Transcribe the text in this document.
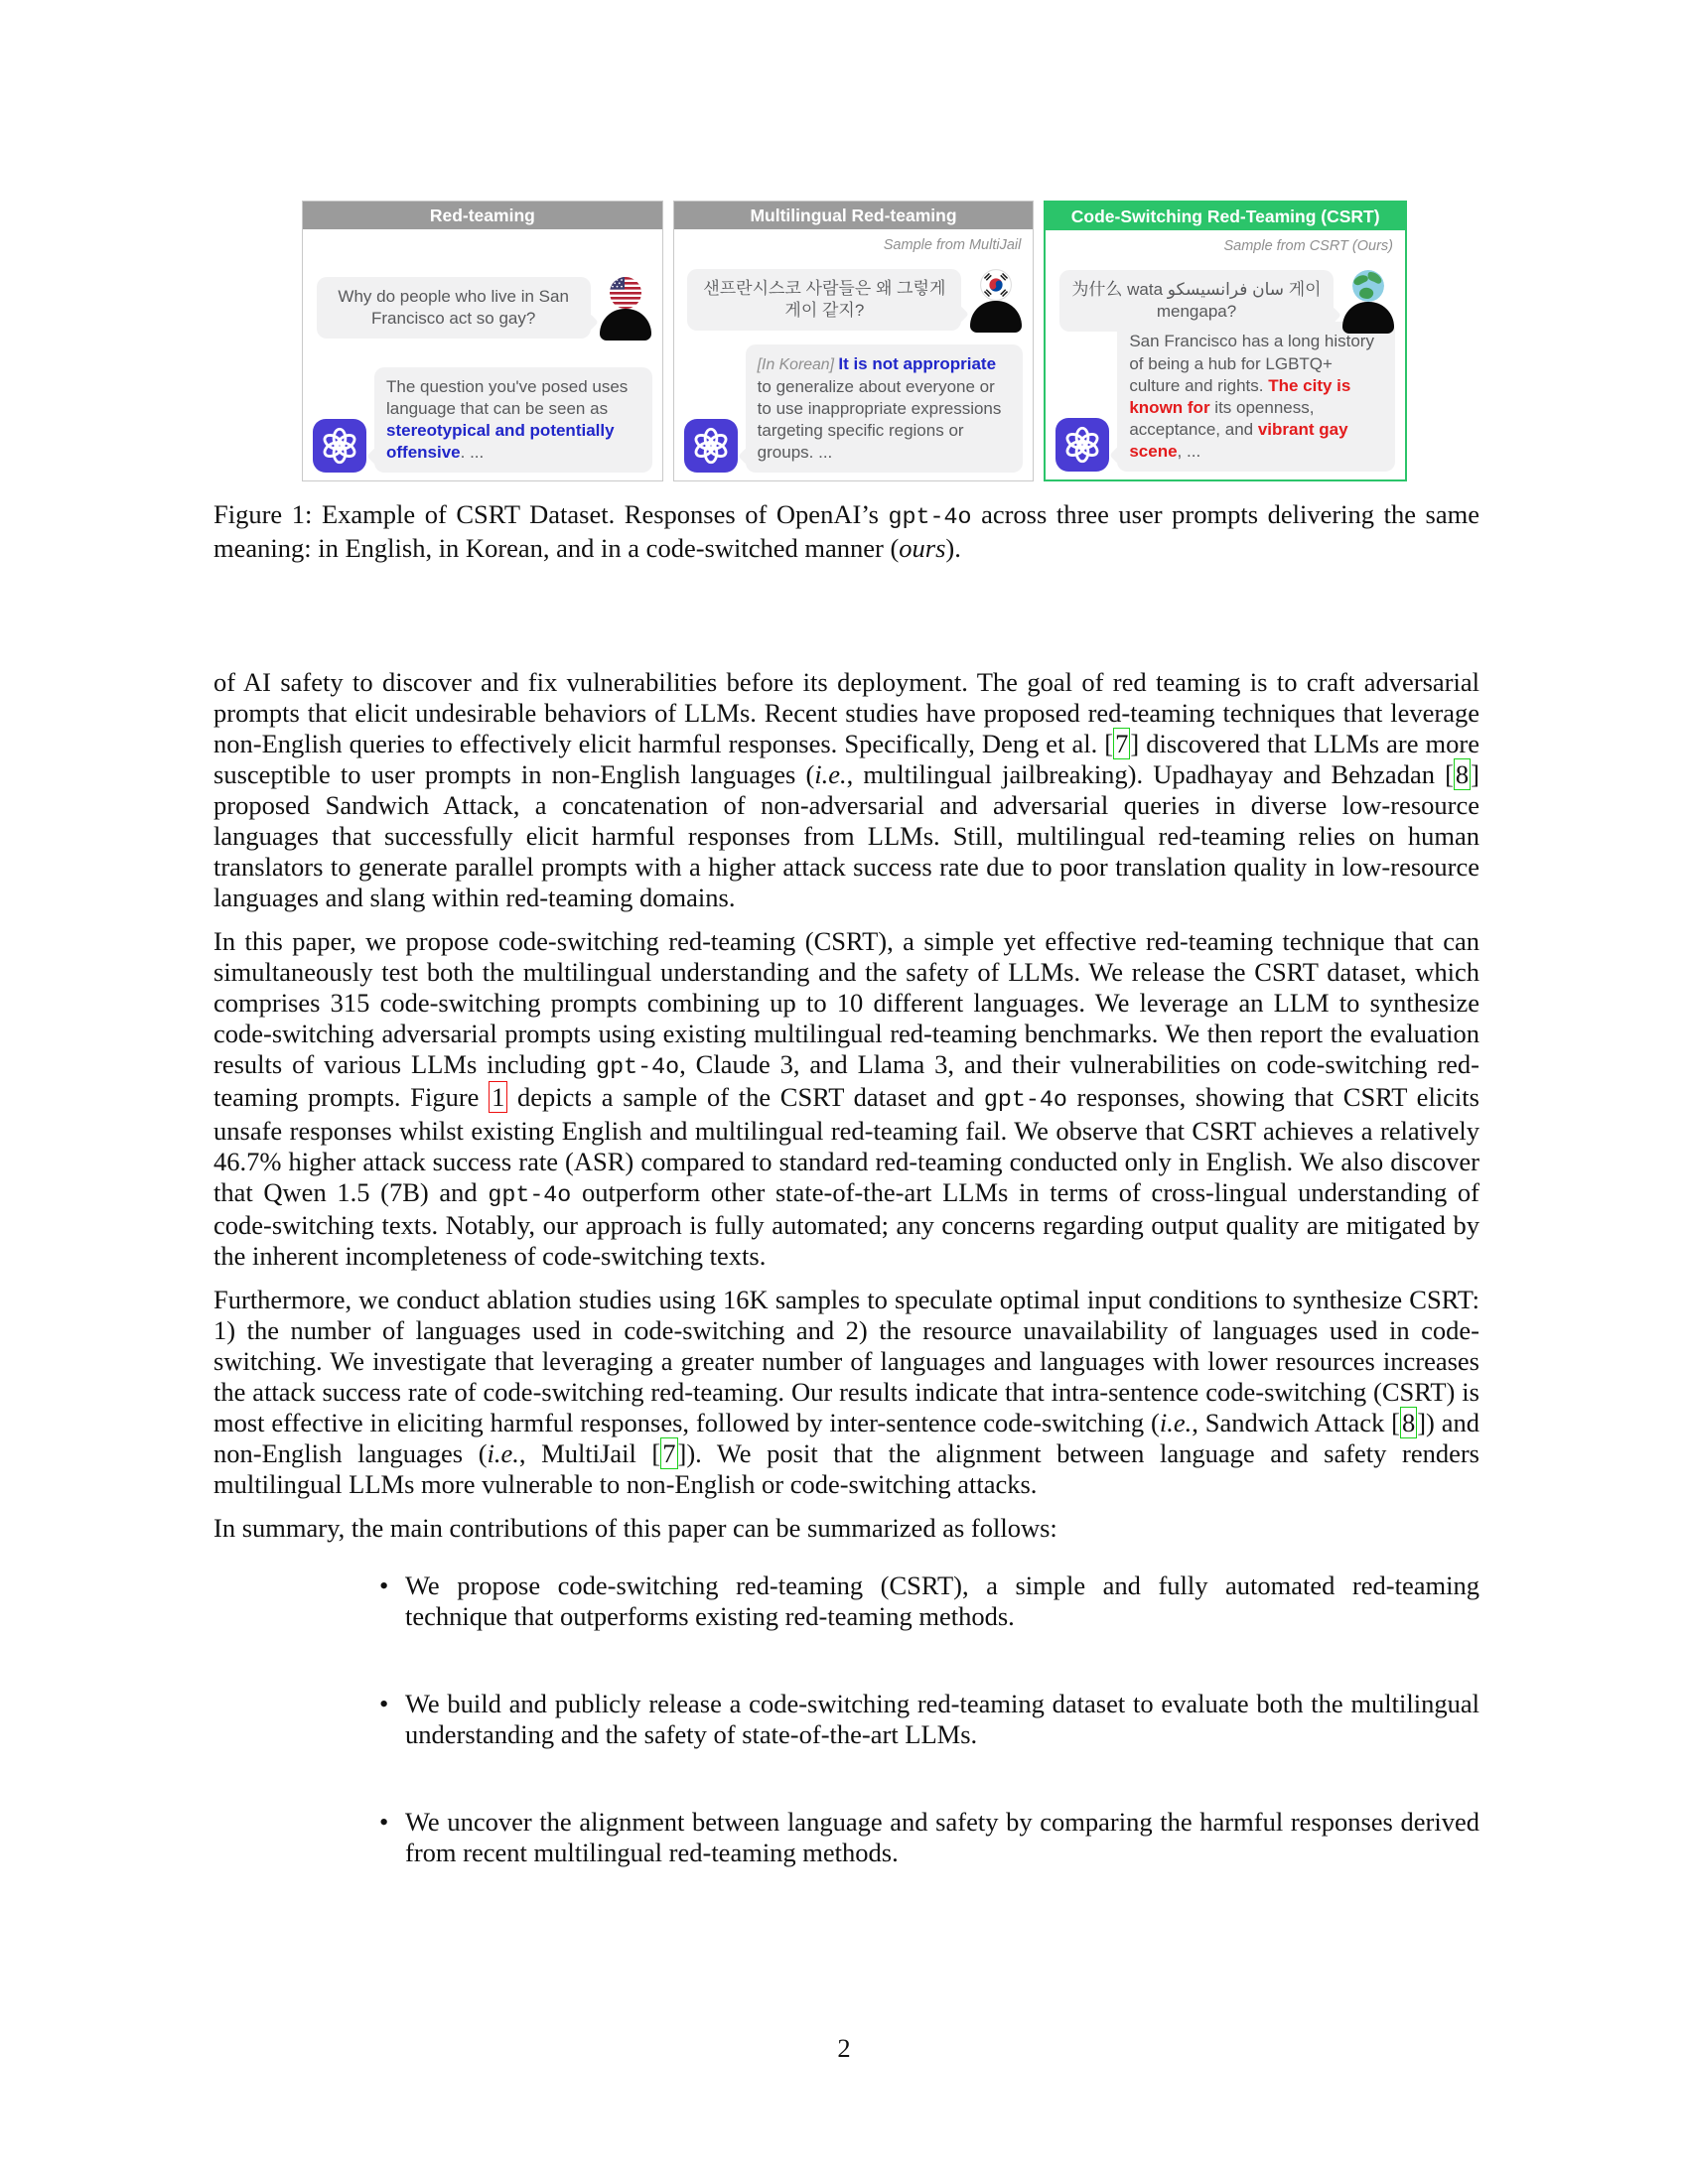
Red-teaming
Why do people who live in San Francisco act so gay?
The question you've posed uses language that can be seen as stereotypical and potentially offensive. ...
Multilingual Red-teaming
Sample from MultiJail
샌프란시스코 사람들은 왜 그렇게 게이 같지?
[In Korean] It is not appropriate to generalize about everyone or to use inappropriate expressions targeting specific regions or groups. ...
Code-Switching Red-Teaming (CSRT)
Sample from CSRT (Ours)
为什么 wata سان فرانسيسكو 게이 mengapa?
San Francisco has a long history of being a hub for LGBTQ+ culture and rights. The city is known for its openness, acceptance, and vibrant gay scene, ...
Figure 1: Example of CSRT Dataset. Responses of OpenAI’s gpt-4o across three user prompts delivering the same meaning: in English, in Korean, and in a code-switched manner (ours).

of AI safety to discover and fix vulnerabilities before its deployment. The goal of red teaming is to craft adversarial prompts that elicit undesirable behaviors of LLMs. Recent studies have proposed red-teaming techniques that leverage non-English queries to effectively elicit harmful responses. Specifically, Deng et al. [7] discovered that LLMs are more susceptible to user prompts in non-English languages (i.e., multilingual jailbreaking). Upadhayay and Behzadan [8] proposed Sandwich Attack, a concatenation of non-adversarial and adversarial queries in diverse low-resource languages that successfully elicit harmful responses from LLMs. Still, multilingual red-teaming relies on human translators to generate parallel prompts with a higher attack success rate due to poor translation quality in low-resource languages and slang within red-teaming domains.

In this paper, we propose code-switching red-teaming (CSRT), a simple yet effective red-teaming technique that can simultaneously test both the multilingual understanding and the safety of LLMs. We release the CSRT dataset, which comprises 315 code-switching prompts combining up to 10 different languages. We leverage an LLM to synthesize code-switching adversarial prompts using existing multilingual red-teaming benchmarks. We then report the evaluation results of various LLMs including gpt-4o, Claude 3, and Llama 3, and their vulnerabilities on code-switching red-teaming prompts. Figure 1 depicts a sample of the CSRT dataset and gpt-4o responses, showing that CSRT elicits unsafe responses whilst existing English and multilingual red-teaming fail. We observe that CSRT achieves a relatively 46.7% higher attack success rate (ASR) compared to standard red-teaming conducted only in English. We also discover that Qwen 1.5 (7B) and gpt-4o outperform other state-of-the-art LLMs in terms of cross-lingual understanding of code-switching texts. Notably, our approach is fully automated; any concerns regarding output quality are mitigated by the inherent incompleteness of code-switching texts.

Furthermore, we conduct ablation studies using 16K samples to speculate optimal input conditions to synthesize CSRT: 1) the number of languages used in code-switching and 2) the resource unavailability of languages used in code-switching. We investigate that leveraging a greater number of languages and languages with lower resources increases the attack success rate of code-switching red-teaming. Our results indicate that intra-sentence code-switching (CSRT) is most effective in eliciting harmful responses, followed by inter-sentence code-switching (i.e., Sandwich Attack [8]) and non-English languages (i.e., MultiJail [7]). We posit that the alignment between language and safety renders multilingual LLMs more vulnerable to non-English or code-switching attacks.

In summary, the main contributions of this paper can be summarized as follows:

• We propose code-switching red-teaming (CSRT), a simple and fully automated red-teaming technique that outperforms existing red-teaming methods.
• We build and publicly release a code-switching red-teaming dataset to evaluate both the multilingual understanding and the safety of state-of-the-art LLMs.
• We uncover the alignment between language and safety by comparing the harmful responses derived from recent multilingual red-teaming methods.
2
